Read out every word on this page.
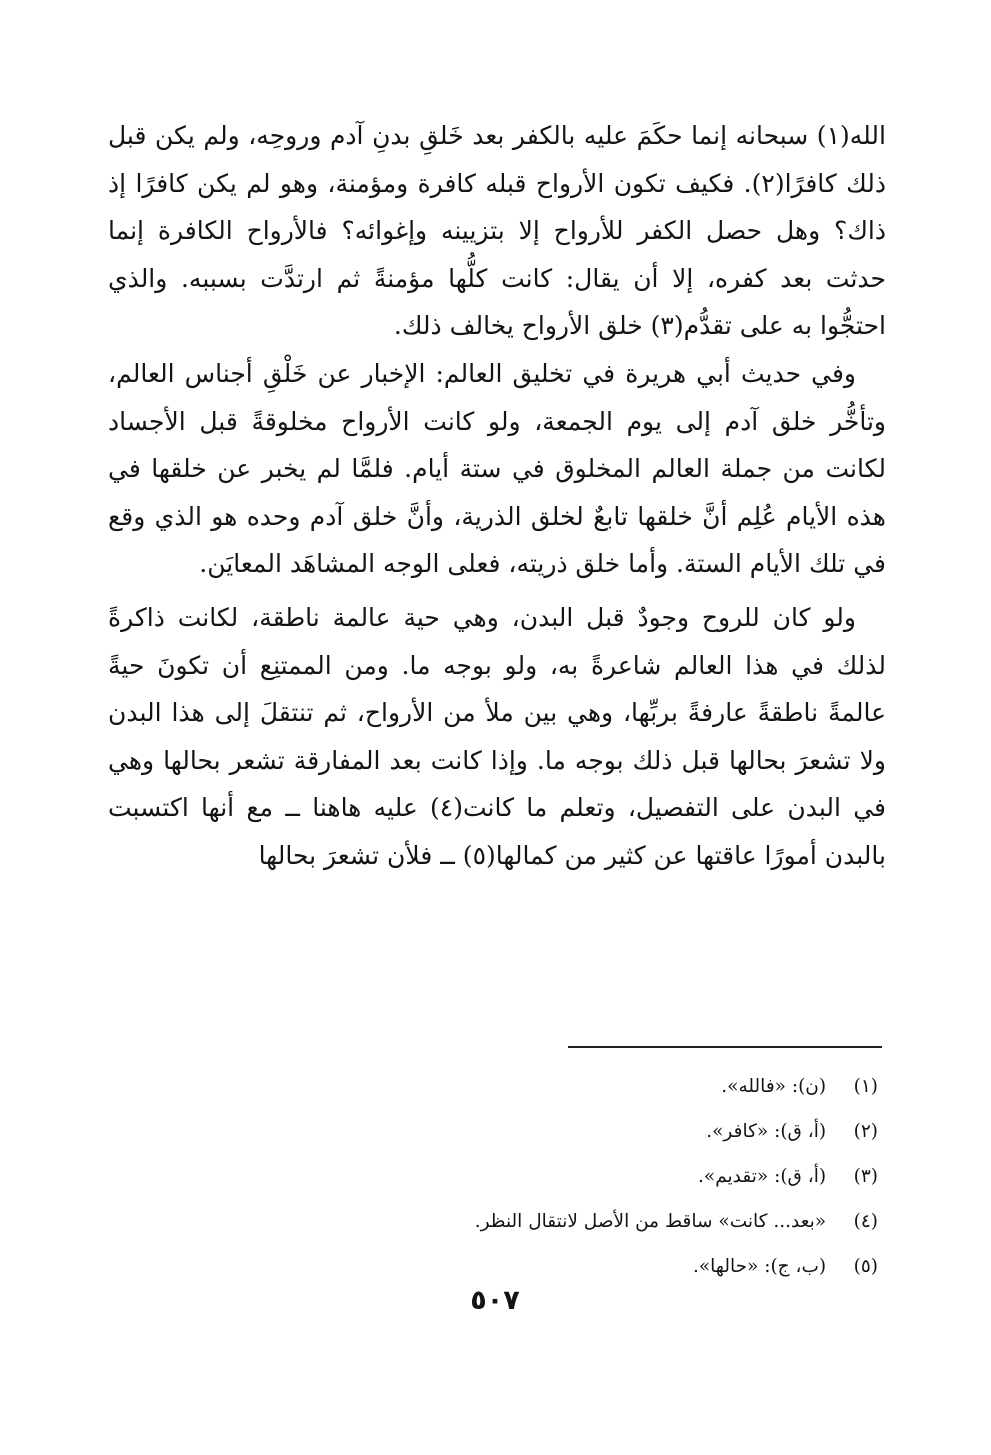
الله(١) سبحانه إنما حكَمَ عليه بالكفر بعد خَلقِ بدنِ آدم وروحِه، ولم يكن قبل ذلك كافرًا(٢). فكيف تكون الأرواح قبله كافرة ومؤمنة، وهو لم يكن كافرًا إذ ذاك؟ وهل حصل الكفر للأرواح إلا بتزيينه وإغوائه؟ فالأرواح الكافرة إنما حدثت بعد كفره، إلا أن يقال: كانت كلُّها مؤمنةً ثم ارتدَّت بسببه. والذي احتجُّوا به على تقدُّم(٣) خلق الأرواح يخالف ذلك.

وفي حديث أبي هريرة في تخليق العالم: الإخبار عن خَلْقِ أجناس العالم، وتأخُّر خلق آدم إلى يوم الجمعة، ولو كانت الأرواح مخلوقةً قبل الأجساد لكانت من جملة العالم المخلوق في ستة أيام. فلمَّا لم يخبر عن خلقها في هذه الأيام عُلِم أنَّ خلقها تابعٌ لخلق الذرية، وأنَّ خلق آدم وحده هو الذي وقع في تلك الأيام الستة. وأما خلق ذريته، فعلى الوجه المشاهَد المعايَن.

ولو كان للروح وجودٌ قبل البدن، وهي حية عالمة ناطقة، لكانت ذاكرةً لذلك في هذا العالم شاعرةً به، ولو بوجه ما. ومن الممتنِع أن تكونَ حيةً عالمةً ناطقةً عارفةً بربِّها، وهي بين ملأ من الأرواح، ثم تنتقلَ إلى هذا البدن ولا تشعرَ بحالها قبل ذلك بوجه ما. وإذا كانت بعد المفارقة تشعر بحالها وهي في البدن على التفصيل، وتعلم ما كانت(٤) عليه هاهنا ــ مع أنها اكتسبت بالبدن أمورًا عاقتها عن كثير من كمالها(٥) ــ فلأن تشعرَ بحالها

(١) (ن): «فالله».
(٢) (أ، ق): «كافر».
(٣) (أ، ق): «تقديم».
(٤) «بعد... كانت» ساقط من الأصل لانتقال النظر.
(٥) (ب، ج): «حالها».
٥٠٧
